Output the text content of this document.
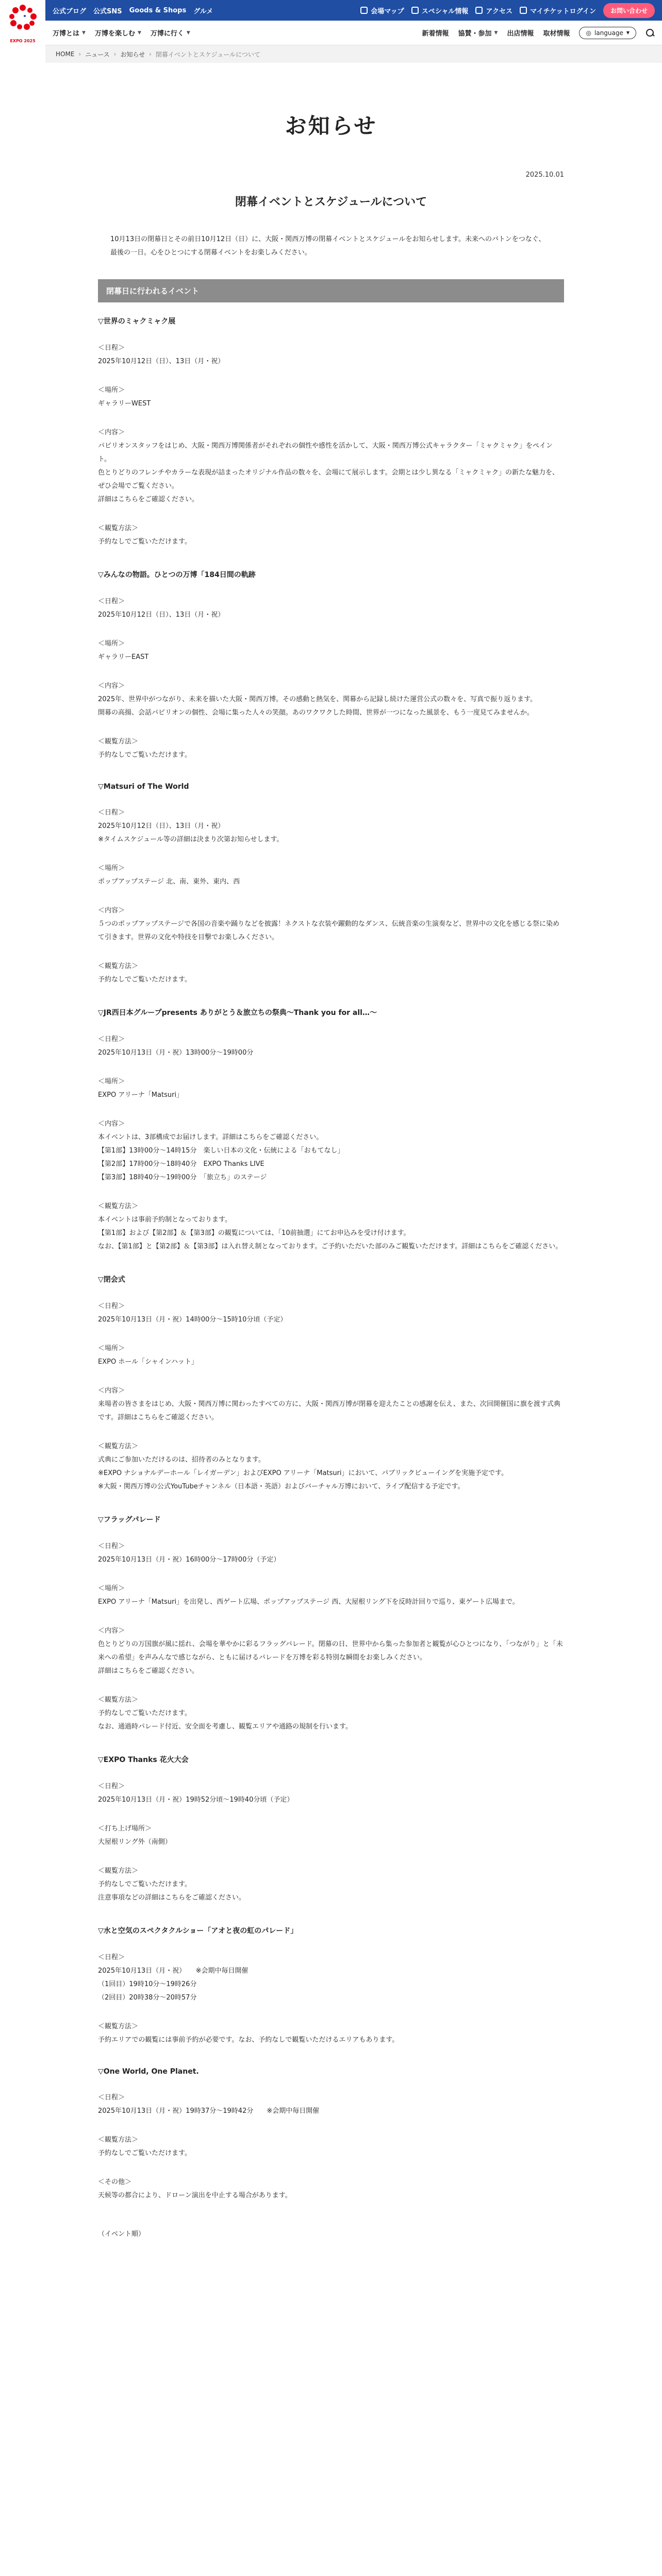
EXPO 2025
公式ブログ 公式SNS Goods & Shops グルメ	会場マップ	スペシャル情報	アクセス	マイチケットログイン	お問い合わせ
万博とは ▼ 万博を楽しむ ▼ 万博に行く ▼	新着情報 協賛・参加 ▼ 出店情報 取材情報	◎ language ▼
HOME › ニュース › お知らせ › 閉幕イベントとスケジュールについて
お知らせ
2025.10.01
閉幕イベントとスケジュールについて

10月13日の閉幕日とその前日10月12日（日）に、大阪・関西万博の閉幕イベントとスケジュールをお知らせします。未来へのバトンをつなぐ、最後の一日。心をひとつにする閉幕イベントをお楽しみください。

閉幕日に行われるイベント
▽世界のミャクミャク展
＜日程＞
2025年10月12日（日）、13日（月・祝）
＜場所＞
ギャラリーWEST
＜内容＞
パビリオンスタッフをはじめ、大阪・関西万博関係者がそれぞれの個性や感性を活かして、大阪・関西万博公式キャラクター「ミャクミャク」をペイント。
色とりどりのフレンチやカラーな表現が詰まったオリジナル作品の数々を、会場にて展示します。会期とは少し異なる「ミャクミャク」の新たな魅力を、ぜひ会場でご覧ください。
詳細はこちらをご確認ください。
＜観覧方法＞
予約なしでご覧いただけます。
▽みんなの物語。ひとつの万博「184日間の軌跡
＜日程＞
2025年10月12日（日）、13日（月・祝）
＜場所＞
ギャラリーEAST
＜内容＞
2025年、世界中がつながり、未来を描いた大阪・関西万博。その感動と熱気を、関幕から記録し続けた運営公式の数々を、写真で振り返ります。
開幕の高揚、会話パビリオンの個性、会場に集った人々の笑顔。あのワクワクした時間、世界が一つになった風景を、もう一度見てみませんか。
＜観覧方法＞
予約なしでご覧いただけます。
▽Matsuri of The World
＜日程＞
2025年10月12日（日）、13日（月・祝）
※タイムスケジュール等の詳細は決まり次第お知らせします。
＜場所＞
ポップアップステージ 北、南、東外、東内、西
＜内容＞
５つのポップアップステージで各国の音楽や踊りなどを披露！ネクストな衣装や躍動的なダンス、伝統音楽の生演奏など、世界中の文化を感じる祭に染めて引きます。世界の文化や特技を目撃でお楽しみください。
＜観覧方法＞
予約なしでご覧いただけます。
▽JR西日本グループpresents ありがとう＆旅立ちの祭典～Thank you for all…～
＜日程＞
2025年10月13日（月・祝）13時00分～19時00分
＜場所＞
EXPO アリーナ「Matsuri」
＜内容＞
本イベントは、3部構成でお届けします。詳細はこちらをご確認ください。
【第1部】13時00分～14時15分　楽しい日本の文化・伝統による「おもてなし」
【第2部】17時00分～18時40分　EXPO Thanks LIVE
【第3部】18時40分～19時00分　「旅立ち」のステージ
＜観覧方法＞
本イベントは事前予約制となっております。
【第1部】および【第2部】＆【第3部】の観覧については、「10前抽選」にてお申込みを受け付けます。
なお、【第1部】と【第2部】＆【第3部】は入れ替え制となっております。ご予約いただいた部のみご観覧いただけます。詳細はこちらをご確認ください。
▽閉会式
＜日程＞
2025年10月13日（月・祝）14時00分～15時10分頃（予定）
＜場所＞
EXPO ホール「シャインハット」
＜内容＞
来場者の皆さまをはじめ、大阪・関西万博に関わったすべての方に、大阪・関西万博が閉幕を迎えたことの感謝を伝え、また、次回開催国に旗を渡す式典です。詳細はこちらをご確認ください。
＜観覧方法＞
式典にご参加いただけるのは、招待者のみとなります。
※EXPO ナショナルデーホール「レイガーデン」およびEXPO アリーナ「Matsuri」において、パブリックビューイングを実施予定です。
※大阪・関西万博の公式YouTubeチャンネル（日本語・英語）およびバーチャル万博において、ライブ配信する予定です。
▽フラッグパレード
＜日程＞
2025年10月13日（月・祝）16時00分～17時00分（予定）
＜場所＞
EXPO アリーナ「Matsuri」を出発し、西ゲート広場、ポップアップステージ 西、大屋根リング下を反時計回りで巡り、東ゲート広場まで。
＜内容＞
色とりどりの万国旗が風に揺れ、会場を華やかに彩るフラッグパレード。閉幕の日、世界中から集った参加者と観覧が心ひとつになり、「つながり」と「未来への希望」を声みんなで感じながら、ともに届けるパレードを万博を彩る特別な瞬間をお楽しみください。
詳細はこちらをご確認ください。
＜観覧方法＞
予約なしでご覧いただけます。
なお、通過時パレード付近、安全面を考慮し、観覧エリアや通路の規制を行います。
▽EXPO Thanks 花火大会
＜日程＞
2025年10月13日（月・祝）19時52分頃～19時40分頃（予定）
＜打ち上げ場所＞
大屋根リング外（南側）
＜観覧方法＞
予約なしでご覧いただけます。
注意事項などの詳細はこちらをご確認ください。
▽水と空気のスペクタクルショー「アオと夜の虹のパレード」
＜日程＞
2025年10月13日（月・祝）　　※会期中毎日開催
（1回目）19時10分～19時26分
（2回目）20時38分～20時57分
＜観覧方法＞
予約エリアでの観覧には事前予約が必要です。なお、予約なしで観覧いただけるエリアもあります。
▽One World, One Planet.
＜日程＞
2025年10月13日（月・祝）19時37分～19時42分　　※会期中毎日開催
＜観覧方法＞
予約なしでご覧いただけます。
＜その他＞
天候等の都合により、ドローン演出を中止する場合があります。
（イベント順）
